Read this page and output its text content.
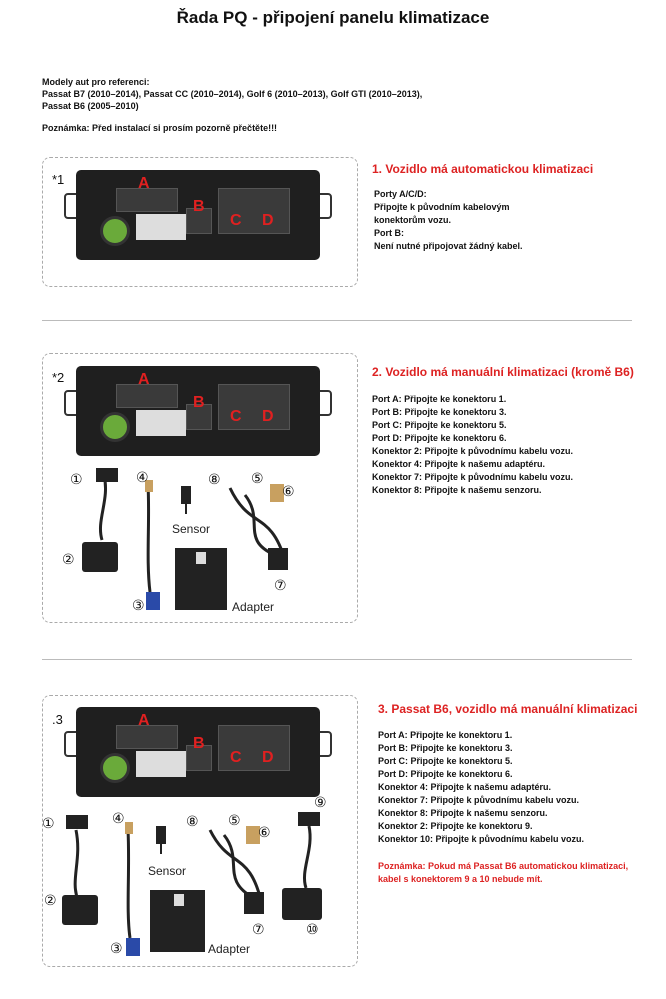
Řada PQ - připojení panelu klimatizace

Modely aut pro referenci:

Passat B7 (2010–2014), Passat CC (2010–2014), Golf 6 (2010–2013), Golf GTI (2010–2013),

Passat B6 (2005–2010)

Poznámka: Před instalací si prosím pozorně přečtěte!!!

*1	A
B
C D
1. Vozidlo má automatickou klimatizaci
Porty A/C/D:
Připojte k původním kabelovým
konektorům vozu.
Port B:
Není nutné připojovat žádný kabel.
*2	A
B
C D
①
②
③
④	⑤
⑥
⑦
⑧
Sensor
Adapter
2. Vozidlo má manuální klimatizaci (kromě B6)
Port A: Připojte ke konektoru 1.
Port B: Připojte ke konektoru 3.
Port C: Připojte ke konektoru 5.
Port D: Připojte ke konektoru 6.
Konektor 2: Připojte k původnímu kabelu vozu.
Konektor 4: Připojte k našemu adaptéru.
Konektor 7: Připojte k původnímu kabelu vozu.
Konektor 8: Připojte k našemu senzoru.
.3	A
B
C D
①
②
③
④	⑤
⑥
⑦
⑧
⑨
⑩
Sensor
Adapter
3. Passat B6, vozidlo má manuální klimatizaci
Port A: Připojte ke konektoru 1.
Port B: Připojte ke konektoru 3.
Port C: Připojte ke konektoru 5.
Port D: Připojte ke konektoru 6.
Konektor 4: Připojte k našemu adaptéru.
Konektor 7: Připojte k původnímu kabelu vozu.
Konektor 8: Připojte k našemu senzoru.
Konektor 2: Připojte ke konektoru 9.
Konektor 10: Připojte k původnímu kabelu vozu.
Poznámka: Pokud má Passat B6 automatickou klimatizaci,
kabel s konektorem 9 a 10 nebude mít.
